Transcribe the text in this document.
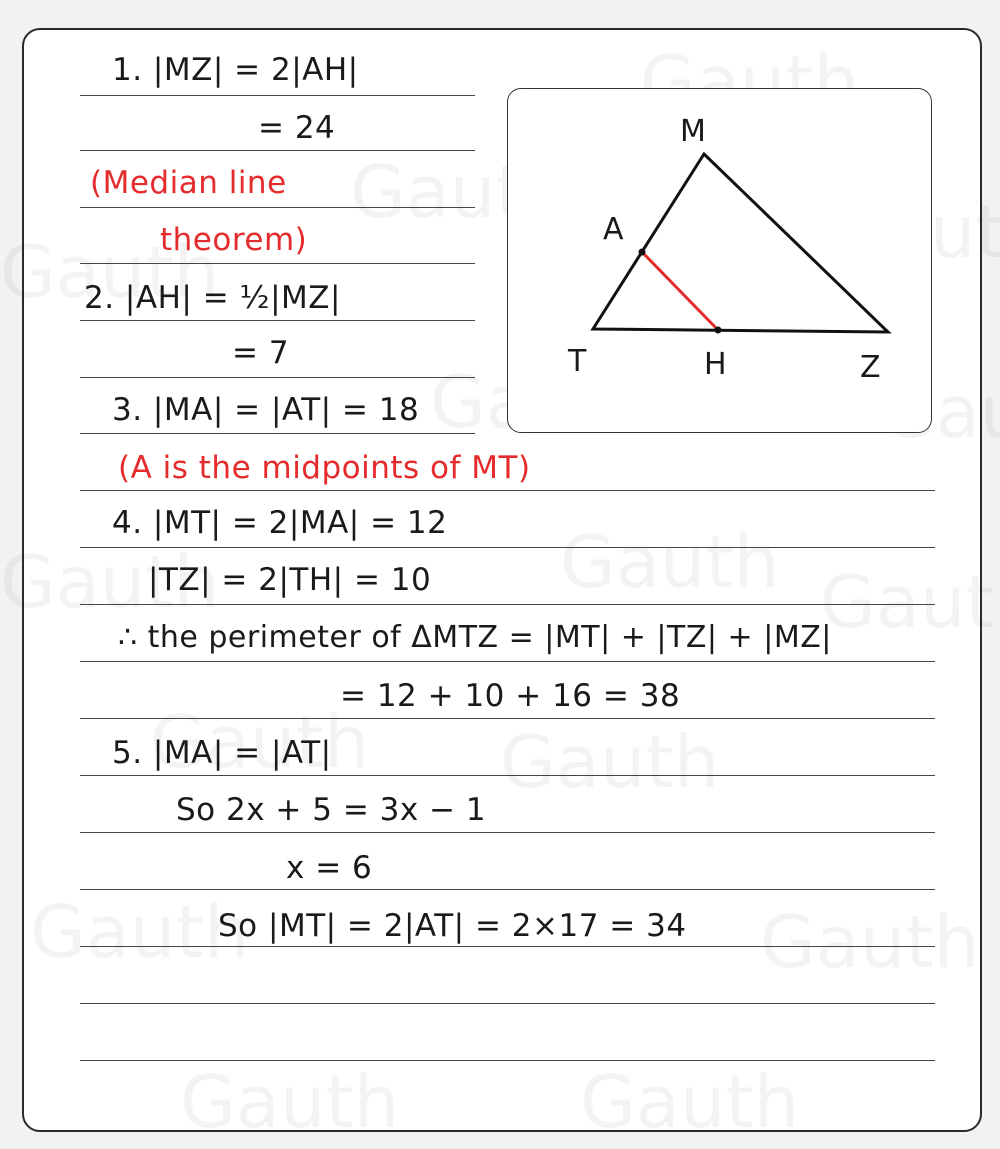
1. |MZ| = 2|AH|
= 24
(Median line
theorem)
2. |AH| = ½|MZ|
= 7
3. |MA| = |AT| = 18
(A is the midpoints of MT)
4. |MT| = 2|MA| = 12
|TZ| = 2|TH| = 10
∴ the perimeter of ΔMTZ = |MT| + |TZ| + |MZ|
= 12 + 10 + 16 = 38
5. |MA| = |AT|
So 2x + 5 = 3x − 1
x = 6
So |MT| = 2|AT| = 2×17 = 34
M
A
T	H	Z
